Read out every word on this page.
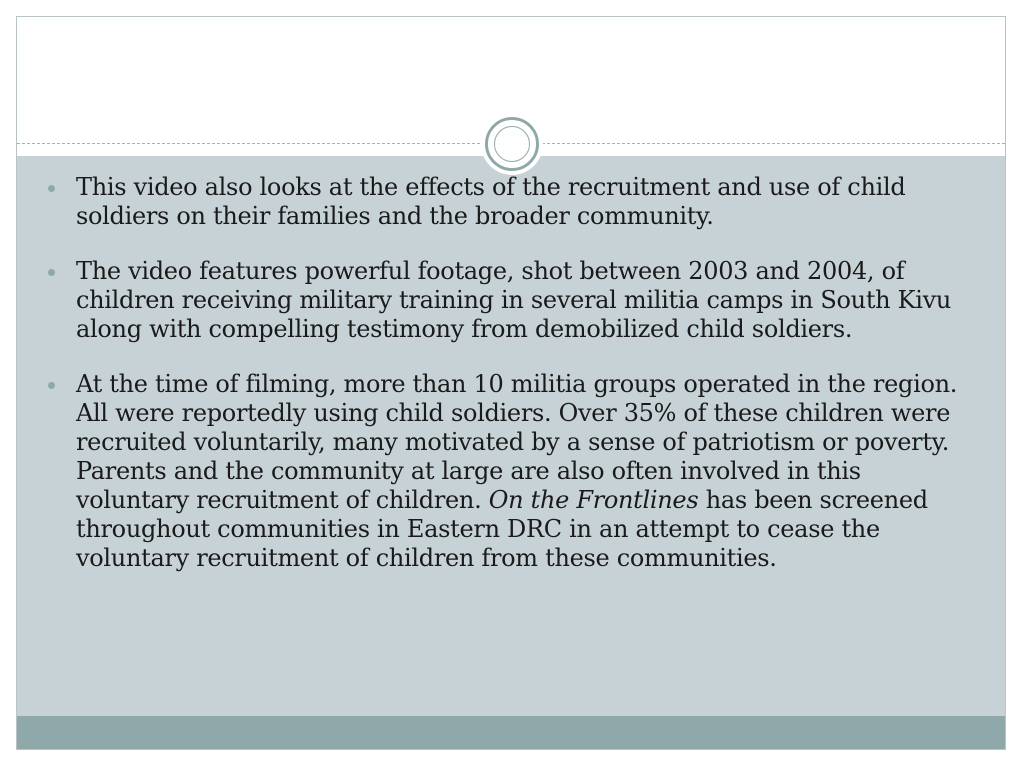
This video also looks at the effects of the recruitment and use of child soldiers on their families and the broader community.
The video features powerful footage, shot between 2003 and 2004, of children receiving military training in several militia camps in South Kivu along with compelling testimony from demobilized child soldiers.
At the time of filming, more than 10 militia groups operated in the region. All were reportedly using child soldiers. Over 35% of these children were recruited voluntarily, many motivated by a sense of patriotism or poverty. Parents and the community at large are also often involved in this voluntary recruitment of children. On the Frontlines has been screened throughout communities in Eastern DRC in an attempt to cease the voluntary recruitment of children from these communities.
